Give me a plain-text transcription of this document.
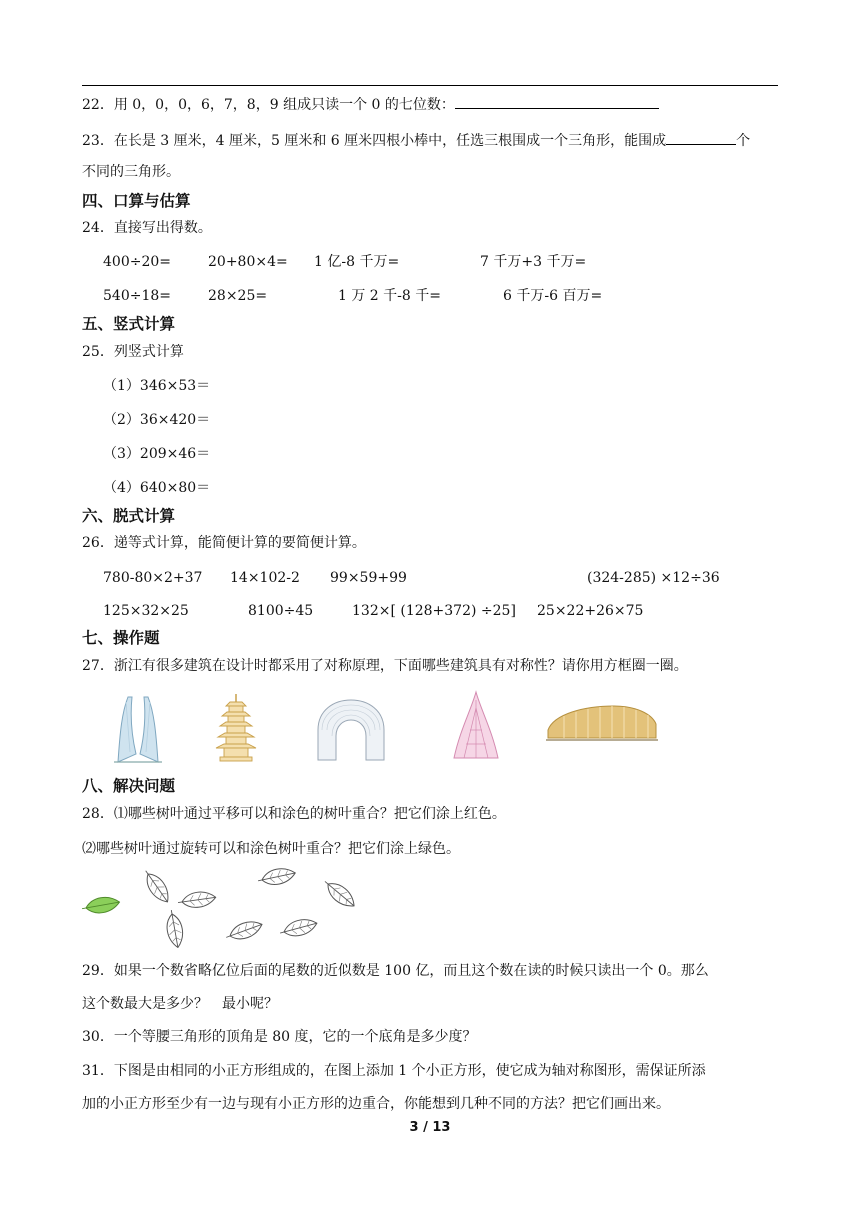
22．用 0，0，0，6，7，8，9 组成只读一个 0 的七位数：
23．在长是 3 厘米，4 厘米，5 厘米和 6 厘米四根小棒中，任选三根围成一个三角形，能围成	个
不同的三角形。
四、口算与估算
24．直接写出得数。
400÷20=	20+80×4= 1 亿-8 千万=	7 千万+3 千万=
540÷18=	28×25=	1 万 2 千-8 千=	6 千万-6 百万=
五、竖式计算
25．列竖式计算
（1）346×53＝
（2）36×420＝
（3）209×46＝
（4）640×80＝
六、脱式计算
26．递等式计算，能简便计算的要简便计算。
780-80×2+37 14×102-2 99×59+99	(324-285) ×12÷36
125×32×25	8100÷45	132×[ (128+372) ÷25] 25×22+26×75
七、操作题
27．浙江有很多建筑在设计时都采用了对称原理，下面哪些建筑具有对称性？请你用方框圈一圈。
八、解决问题
28．⑴哪些树叶通过平移可以和涂色的树叶重合？把它们涂上红色。
⑵哪些树叶通过旋转可以和涂色树叶重合？把它们涂上绿色。
29．如果一个数省略亿位后面的尾数的近似数是 100 亿，而且这个数在读的时候只读出一个 0。那么
这个数最大是多少？　最小呢？
30．一个等腰三角形的顶角是 80 度，它的一个底角是多少度？
31．下图是由相同的小正方形组成的，在图上添加 1 个小正方形，使它成为轴对称图形，需保证所添
加的小正方形至少有一边与现有小正方形的边重合，你能想到几种不同的方法？把它们画出来。
3 / 13
